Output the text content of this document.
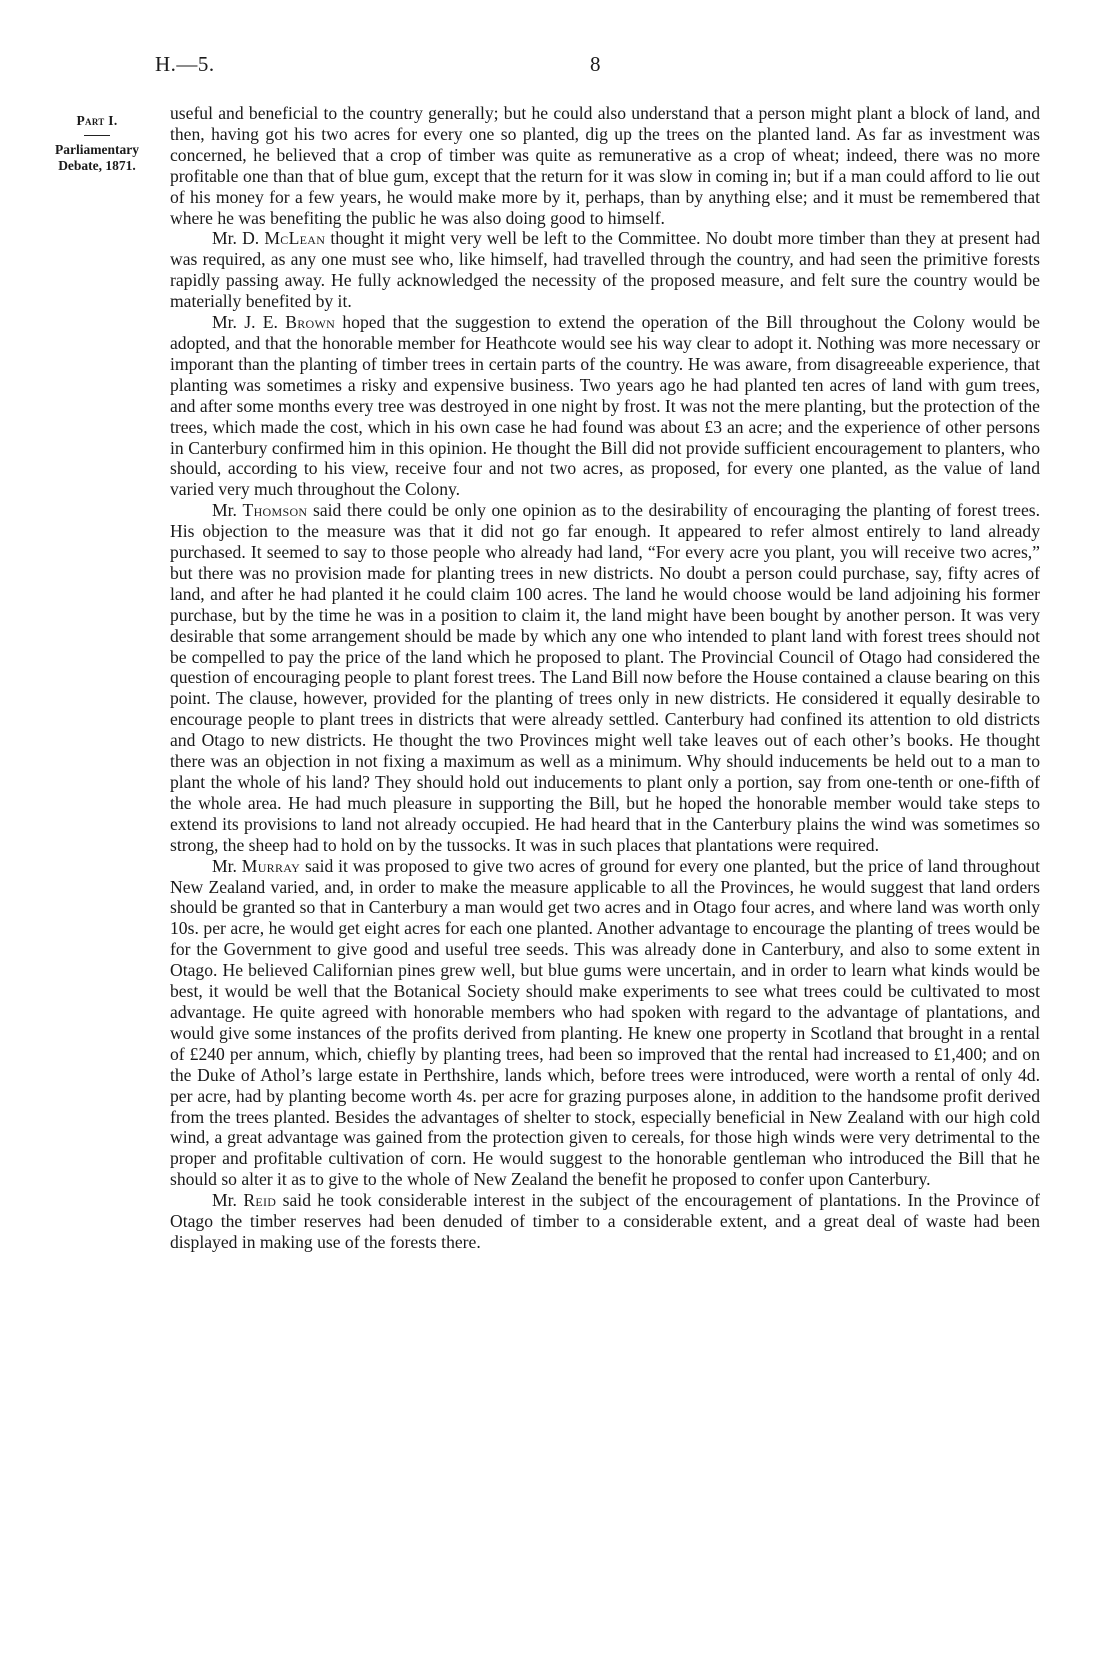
H.—5.	8
Part I.
Parliamentary
Debate, 1871.

useful and beneficial to the country generally; but he could also understand that a person might plant a block of land, and then, having got his two acres for every one so planted, dig up the trees on the planted land. As far as investment was concerned, he believed that a crop of timber was quite as remunerative as a crop of wheat; indeed, there was no more profitable one than that of blue gum, except that the return for it was slow in coming in; but if a man could afford to lie out of his money for a few years, he would make more by it, perhaps, than by anything else; and it must be remembered that where he was benefiting the public he was also doing good to himself.

Mr. D. McLean thought it might very well be left to the Committee. No doubt more timber than they at present had was required, as any one must see who, like himself, had travelled through the country, and had seen the primitive forests rapidly passing away. He fully acknowledged the necessity of the proposed measure, and felt sure the country would be materially benefited by it.

Mr. J. E. Brown hoped that the suggestion to extend the operation of the Bill throughout the Colony would be adopted, and that the honorable member for Heathcote would see his way clear to adopt it. Nothing was more necessary or imporant than the planting of timber trees in certain parts of the country. He was aware, from disagreeable experience, that planting was sometimes a risky and expensive business. Two years ago he had planted ten acres of land with gum trees, and after some months every tree was destroyed in one night by frost. It was not the mere planting, but the protection of the trees, which made the cost, which in his own case he had found was about £3 an acre; and the experience of other persons in Canterbury confirmed him in this opinion. He thought the Bill did not provide sufficient encouragement to planters, who should, according to his view, receive four and not two acres, as proposed, for every one planted, as the value of land varied very much throughout the Colony.

Mr. Thomson said there could be only one opinion as to the desirability of encouraging the planting of forest trees. His objection to the measure was that it did not go far enough. It appeared to refer almost entirely to land already purchased. It seemed to say to those people who already had land, “For every acre you plant, you will receive two acres,” but there was no provision made for planting trees in new districts. No doubt a person could purchase, say, fifty acres of land, and after he had planted it he could claim 100 acres. The land he would choose would be land adjoining his former purchase, but by the time he was in a position to claim it, the land might have been bought by another person. It was very desirable that some arrangement should be made by which any one who intended to plant land with forest trees should not be compelled to pay the price of the land which he proposed to plant. The Provincial Council of Otago had considered the question of encouraging people to plant forest trees. The Land Bill now before the House contained a clause bearing on this point. The clause, however, provided for the planting of trees only in new districts. He considered it equally desirable to encourage people to plant trees in districts that were already settled. Canterbury had confined its attention to old districts and Otago to new districts. He thought the two Provinces might well take leaves out of each other’s books. He thought there was an objection in not fixing a maximum as well as a minimum. Why should inducements be held out to a man to plant the whole of his land? They should hold out inducements to plant only a portion, say from one-tenth or one-fifth of the whole area. He had much pleasure in supporting the Bill, but he hoped the honorable member would take steps to extend its provisions to land not already occupied. He had heard that in the Canterbury plains the wind was sometimes so strong, the sheep had to hold on by the tussocks. It was in such places that plantations were required.

Mr. Murray said it was proposed to give two acres of ground for every one planted, but the price of land throughout New Zealand varied, and, in order to make the measure applicable to all the Provinces, he would suggest that land orders should be granted so that in Canterbury a man would get two acres and in Otago four acres, and where land was worth only 10s. per acre, he would get eight acres for each one planted. Another advantage to encourage the planting of trees would be for the Government to give good and useful tree seeds. This was already done in Canterbury, and also to some extent in Otago. He believed Californian pines grew well, but blue gums were uncertain, and in order to learn what kinds would be best, it would be well that the Botanical Society should make experiments to see what trees could be cultivated to most advantage. He quite agreed with honorable members who had spoken with regard to the advantage of plantations, and would give some instances of the profits derived from planting. He knew one property in Scotland that brought in a rental of £240 per annum, which, chiefly by planting trees, had been so improved that the rental had increased to £1,400; and on the Duke of Athol’s large estate in Perthshire, lands which, before trees were introduced, were worth a rental of only 4d. per acre, had by planting become worth 4s. per acre for grazing purposes alone, in addition to the handsome profit derived from the trees planted. Besides the advantages of shelter to stock, especially beneficial in New Zealand with our high cold wind, a great advantage was gained from the protection given to cereals, for those high winds were very detrimental to the proper and profitable cultivation of corn. He would suggest to the honorable gentleman who introduced the Bill that he should so alter it as to give to the whole of New Zealand the benefit he proposed to confer upon Canterbury.

Mr. Reid said he took considerable interest in the subject of the encouragement of plantations. In the Province of Otago the timber reserves had been denuded of timber to a considerable extent, and a great deal of waste had been displayed in making use of the forests there.
